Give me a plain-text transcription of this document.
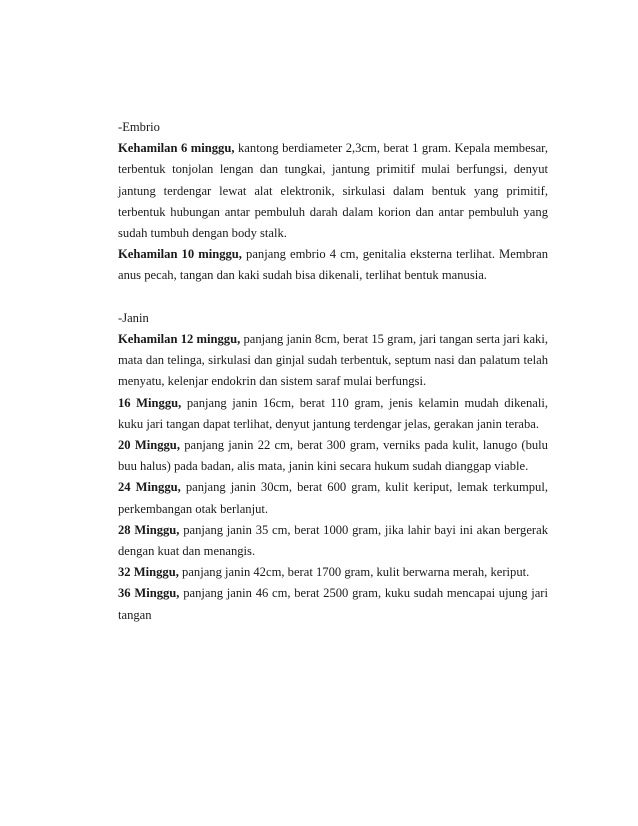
-Embrio

Kehamilan 6 minggu, kantong berdiameter 2,3cm, berat 1 gram. Kepala membesar, terbentuk tonjolan lengan dan tungkai, jantung primitif mulai berfungsi, denyut jantung terdengar lewat alat elektronik, sirkulasi dalam bentuk yang primitif, terbentuk hubungan antar pembuluh darah dalam korion dan antar pembuluh yang sudah tumbuh dengan body stalk.

Kehamilan 10 minggu, panjang embrio 4 cm, genitalia eksterna terlihat. Membran anus pecah, tangan dan kaki sudah bisa dikenali, terlihat bentuk manusia.

-Janin

Kehamilan 12 minggu, panjang janin 8cm, berat 15 gram, jari tangan serta jari kaki, mata dan telinga, sirkulasi dan ginjal sudah terbentuk, septum nasi dan palatum telah menyatu, kelenjar endokrin dan sistem saraf mulai berfungsi.

16 Minggu, panjang janin 16cm, berat 110 gram, jenis kelamin mudah dikenali, kuku jari tangan dapat terlihat, denyut jantung terdengar jelas, gerakan janin teraba.

20 Minggu, panjang janin 22 cm, berat 300 gram, verniks pada kulit, lanugo (bulu buu halus) pada badan, alis mata, janin kini secara hukum sudah dianggap viable.

24 Minggu, panjang janin 30cm, berat 600 gram, kulit keriput, lemak terkumpul, perkembangan otak berlanjut.

28 Minggu, panjang janin 35 cm, berat 1000 gram, jika lahir bayi ini akan bergerak dengan kuat dan menangis.

32 Minggu, panjang janin 42cm, berat 1700 gram, kulit berwarna merah, keriput.

36 Minggu, panjang janin 46 cm, berat 2500 gram, kuku sudah mencapai ujung jari tangan
